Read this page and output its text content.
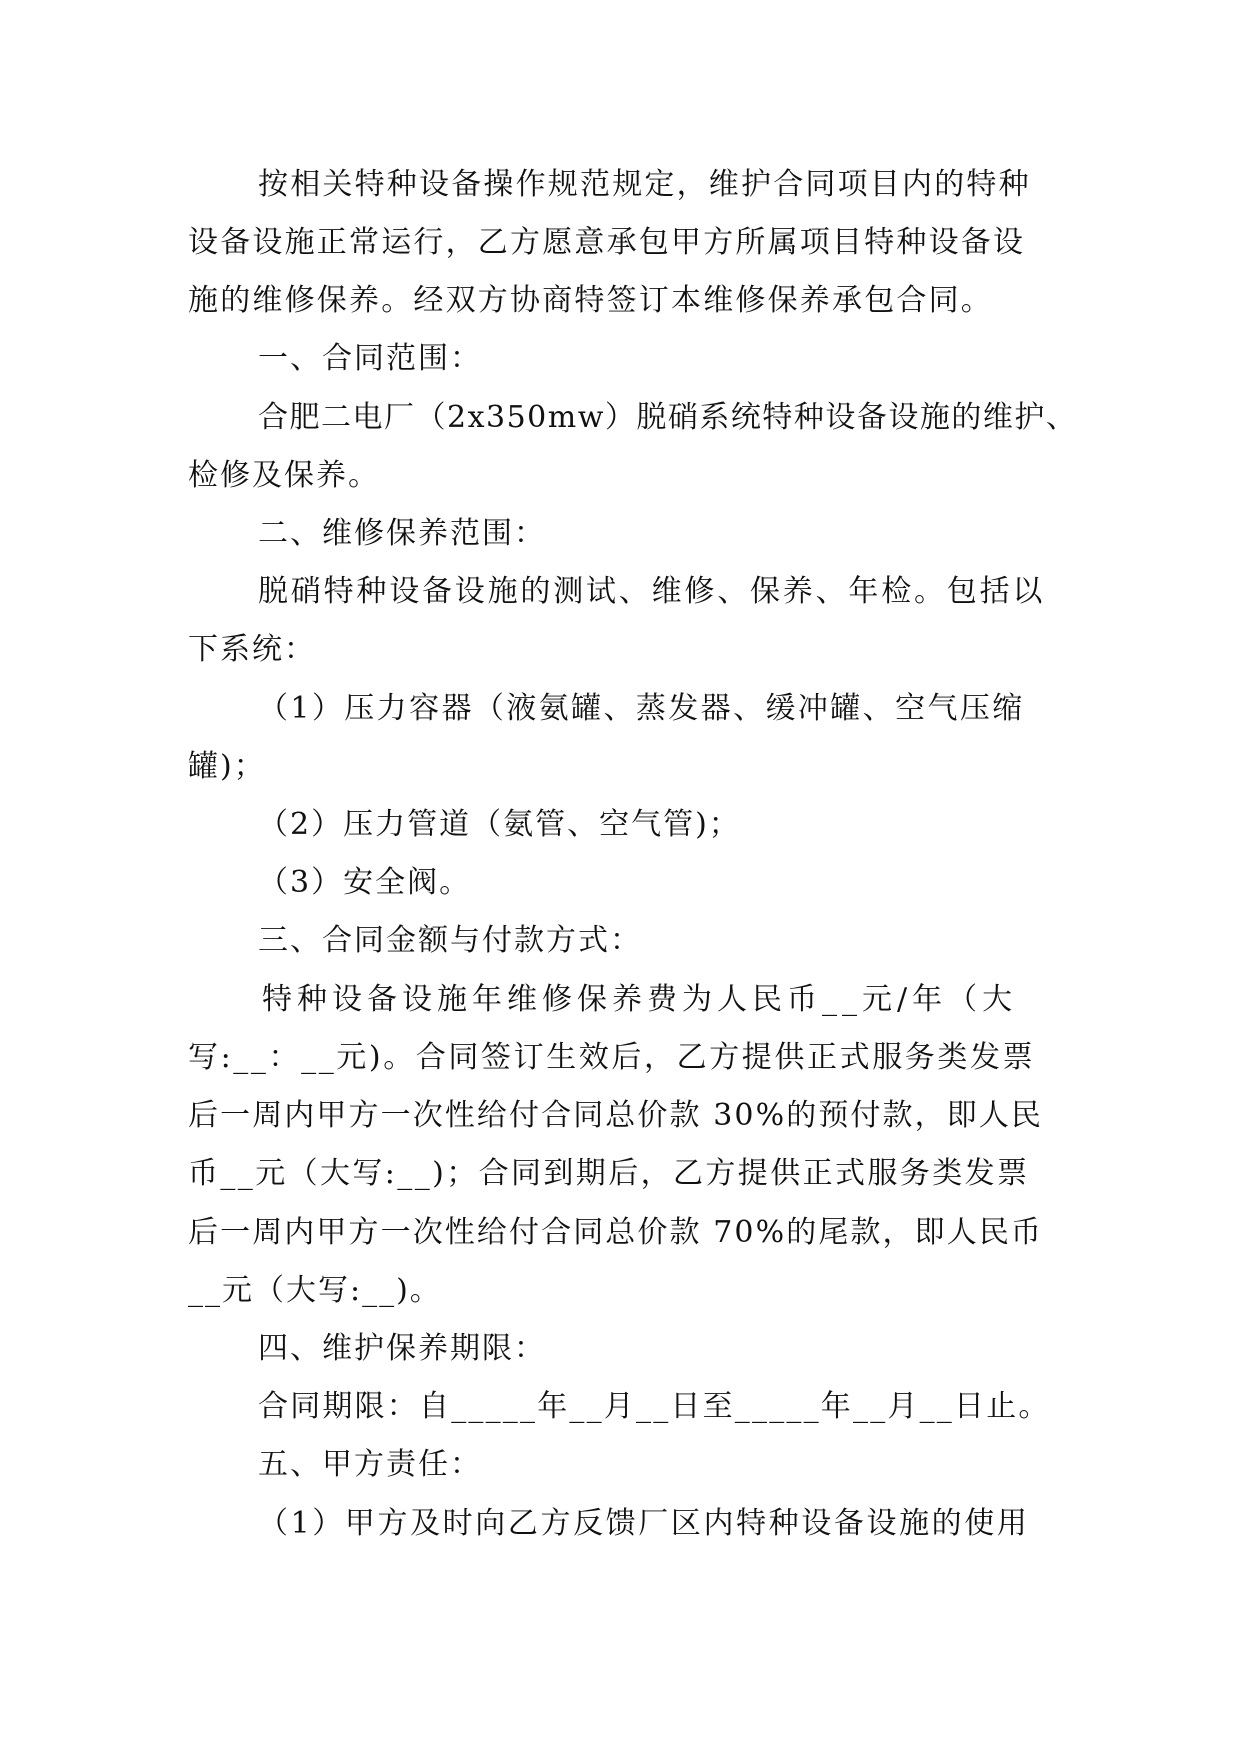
按相关特种设备操作规范规定，维护合同项目内的特种
设备设施正常运行，乙方愿意承包甲方所属项目特种设备设
施的维修保养。经双方协商特签订本维修保养承包合同。
一、合同范围：
合肥二电厂（2x350mw）脱硝系统特种设备设施的维护、
检修及保养。
二、维修保养范围：
脱硝特种设备设施的测试、维修、保养、年检。包括以
下系统：
（1）压力容器（液氨罐、蒸发器、缓冲罐、空气压缩
罐)；
（2）压力管道（氨管、空气管)；
（3）安全阀。
三、合同金额与付款方式：
特种设备设施年维修保养费为人民币__元/年（大
写:__：__元)。合同签订生效后，乙方提供正式服务类发票
后一周内甲方一次性给付合同总价款 30%的预付款，即人民
币__元（大写:__)；合同到期后，乙方提供正式服务类发票
后一周内甲方一次性给付合同总价款 70%的尾款，即人民币
__元（大写:__)。
四、维护保养期限：
合同期限：自_____年__月__日至_____年__月__日止。
五、甲方责任：
（1）甲方及时向乙方反馈厂区内特种设备设施的使用
